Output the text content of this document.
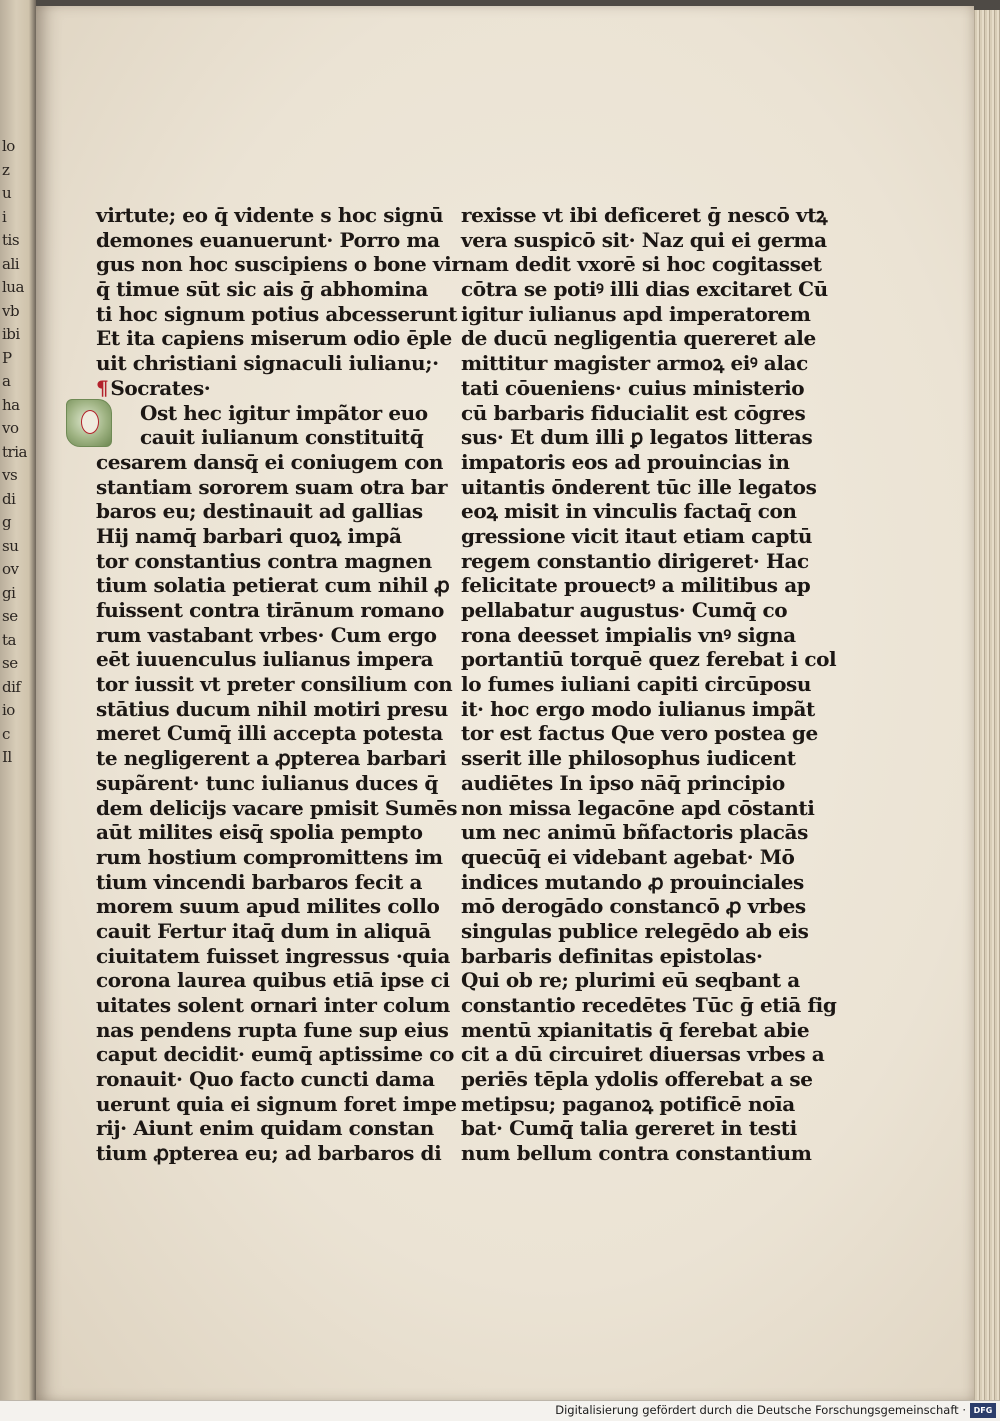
lo
z
u
i
tis
ali
lua
vb
ibi
P
a
ha
vo
tria
vs
di
g
su
ov
gi
se
ta
se
dif
io
c
Il
virtute; eo q̄ vidente s hoc signū
demones euanuerunt· Porro ma
gus non hoc suscipiens o bone vir
q̄ timue sūt sic ais ḡ abhomina
ti hoc signum potius abcesserunt
Et ita capiens miserum odio ēple
uit christiani signaculi iulianu;·
¶ Socrates·
Ost hec igitur impãtor euo
cauit iulianum constituitq̄
cesarem dansq̄ ei coniugem con
stantiam sororem suam otra bar
baros eu; destinauit ad gallias
Hij namq̄ barbari quoꝝ impã
tor constantius contra magnen
tium solatia petierat cum nihil ꝓ
fuissent contra tirānum romano
rum vastabant vrbes· Cum ergo
eēt iuuenculus iulianus impera
tor iussit vt preter consilium con
stātius ducum nihil motiri presu
meret Cumq̄ illi accepta potesta
te negligerent a ꝓpterea barbari
supãrent· tunc iulianus duces q̄
dem delicijs vacare pmisit Sumēs
aūt milites eisq̄ spolia pempto
rum hostium compromittens im
tium vincendi barbaros fecit a
morem suum apud milites collo
cauit Fertur itaq̄ dum in aliquā
ciuitatem fuisset ingressus ·quia
corona laurea quibus etiā ipse ci
uitates solent ornari inter colum
nas pendens rupta fune sup eius
caput decidit· eumq̄ aptissime co
ronauit· Quo facto cuncti dama
uerunt quia ei signum foret impe
rij· Aiunt enim quidam constan
tium ꝓpterea eu; ad barbaros di
rexisse vt ibi deficeret ḡ nescō vtꝝ
vera suspicō sit· Naz qui ei germa
nam dedit vxorē si hoc cogitasset
cōtra se potiꝰ illi dias excitaret Cū
igitur iulianus apd imperatorem
de ducū negligentia quereret ale
mittitur magister armoꝝ eiꝰ alac
tati cōueniens· cuius ministerio
cū barbaris fiducialit est cōgres
sus· Et dum illi ꝑ legatos litteras
impatoris eos ad prouincias in
uitantis ōnderent tūc ille legatos
eoꝝ misit in vinculis factaq̄ con
gressione vicit itaut etiam captū
regem constantio dirigeret· Hac
felicitate prouectꝰ a militibus ap
pellabatur augustus· Cumq̄ co
rona deesset impialis vnꝰ signa
portantiū torquē quez ferebat i col
lo fumes iuliani capiti circūposu
it· hoc ergo modo iulianus impãt
tor est factus Que vero postea ge
sserit ille philosophus iudicent
audiētes In ipso nāq̄ principio
non missa legacōne apd cōstanti
um nec animū bñfactoris placās
quecūq̄ ei videbant agebat· Mō
indices mutando ꝓ prouinciales
mō derogādo constancō ꝓ vrbes
singulas publice relegēdo ab eis
barbaris definitas epistolas·
Qui ob re; plurimi eū seqbant a
constantio recedētes Tūc ḡ etiā fig
mentū xpianitatis q̄ ferebat abie
cit a dū circuiret diuersas vrbes a
periēs tēpla ydolis offerebat a se
metipsu; paganoꝝ potificē noīa
bat· Cumq̄ talia gereret in testi
num bellum contra constantium
Digitalisierung gefördert durch die Deutsche Forschungsgemeinschaft · DFG
